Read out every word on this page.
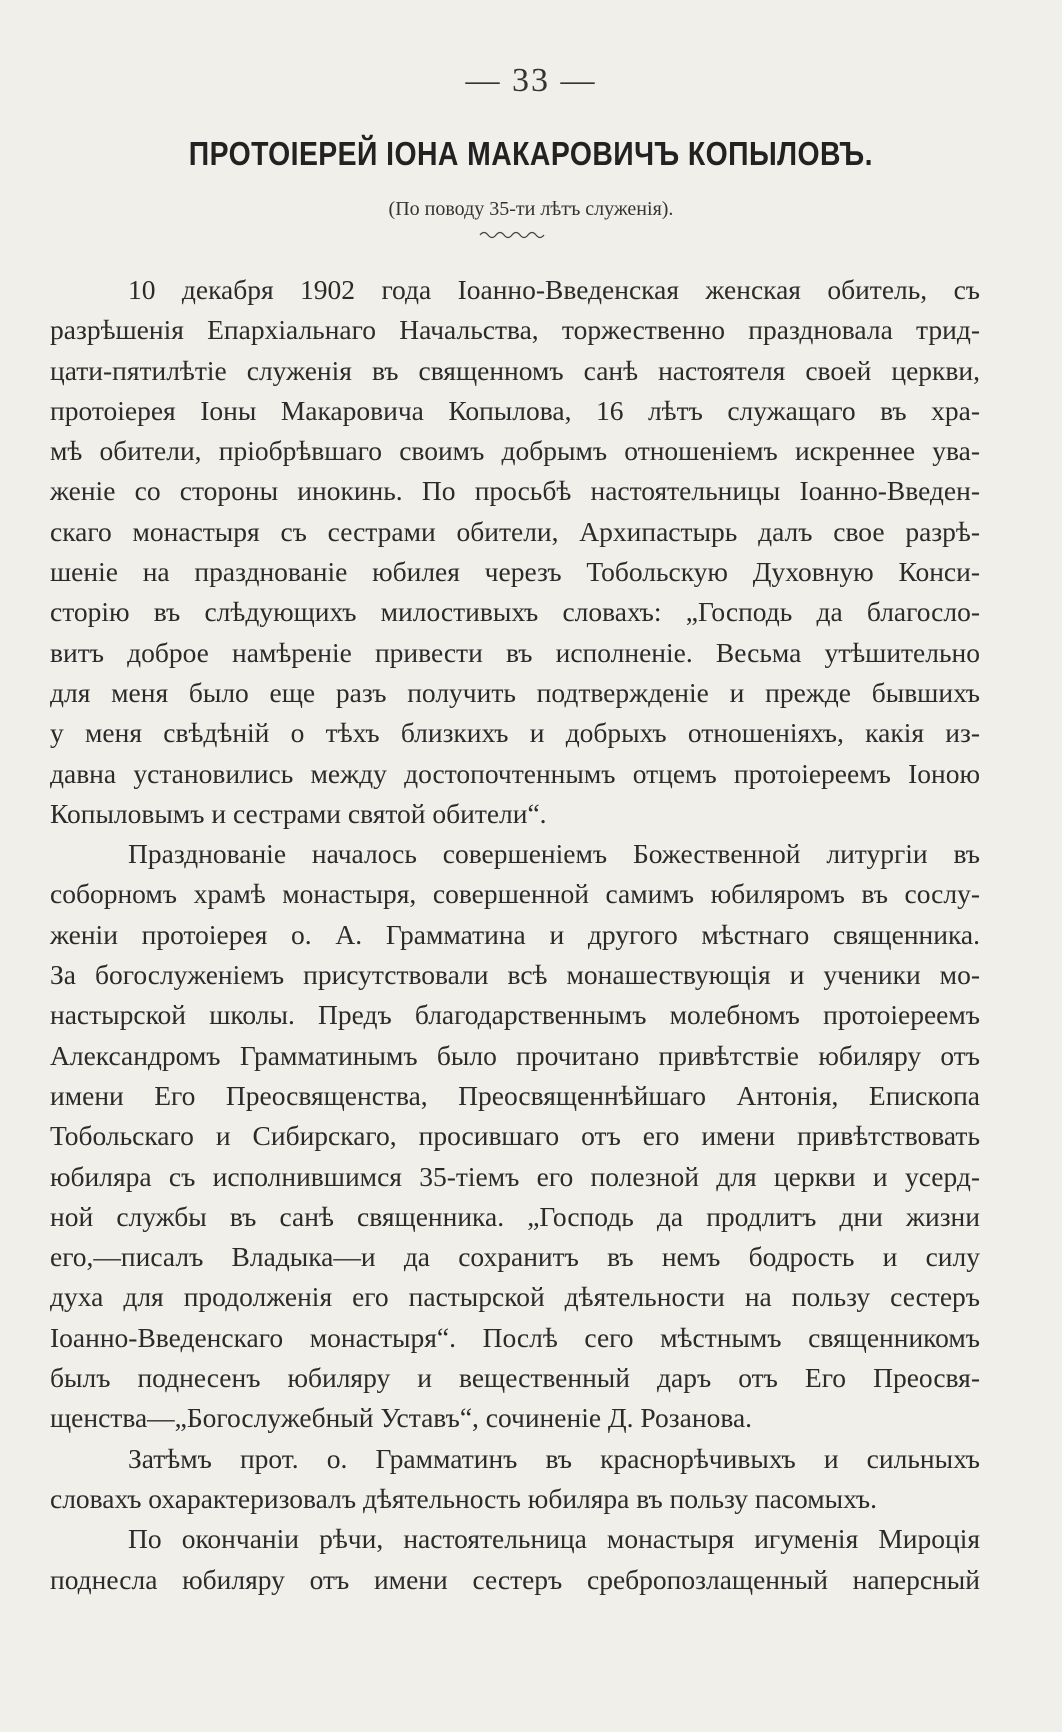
— 33 —
ПРОТОІЕРЕЙ ІОНА МАКАРОВИЧЪ КОПЫЛОВЪ.
(По поводу 35-ти лѣтъ служенія).
10 декабря 1902 года Іоанно-Введенская женская обитель, съ
разрѣшенія Епархіальнаго Начальства, торжественно праздновала трид-
цати-пятилѣтіе служенія въ священномъ санѣ настоятеля своей церкви,
протоіерея Іоны Макаровича Копылова, 16 лѣтъ служащаго въ хра-
мѣ обители, пріобрѣвшаго своимъ добрымъ отношеніемъ искреннее ува-
женіе со стороны инокинь. По просьбѣ настоятельницы Іоанно-Введен-
скаго монастыря съ сестрами обители, Архипастырь далъ свое разрѣ-
шеніе на празднованіе юбилея черезъ Тобольскую Духовную Конси-
сторію въ слѣдующихъ милостивыхъ словахъ: „Господь да благосло-
витъ доброе намѣреніе привести въ исполненіе. Весьма утѣшительно
для меня было еще разъ получить подтвержденіе и прежде бывшихъ
у меня свѣдѣній о тѣхъ близкихъ и добрыхъ отношеніяхъ, какія из-
давна установились между достопочтеннымъ отцемъ протоіереемъ Іоною
Копыловымъ и сестрами святой обители“.
Празднованіе началось совершеніемъ Божественной литургіи въ
соборномъ храмѣ монастыря, совершенной самимъ юбиляромъ въ сослу-
женіи протоіерея о. А. Грамматина и другого мѣстнаго священника.
За богослуженіемъ присутствовали всѣ монашествующія и ученики мо-
настырской школы. Предъ благодарственнымъ молебномъ протоіереемъ
Александромъ Грамматинымъ было прочитано привѣтствіе юбиляру отъ
имени Его Преосвященства, Преосвященнѣйшаго Антонія, Епископа
Тобольскаго и Сибирскаго, просившаго отъ его имени привѣтствовать
юбиляра съ исполнившимся 35-тіемъ его полезной для церкви и усерд-
ной службы въ санѣ священника. „Господь да продлитъ дни жизни
его,—писалъ Владыка—и да сохранитъ въ немъ бодрость и силу
духа для продолженія его пастырской дѣятельности на пользу сестеръ
Іоанно-Введенскаго монастыря“. Послѣ сего мѣстнымъ священникомъ
былъ поднесенъ юбиляру и вещественный даръ отъ Его Преосвя-
щенства—„Богослужебный Уставъ“, сочиненіе Д. Розанова.
Затѣмъ прот. о. Грамматинъ въ краснорѣчивыхъ и сильныхъ
словахъ охарактеризовалъ дѣятельность юбиляра въ пользу пасомыхъ.
По окончаніи рѣчи, настоятельница монастыря игуменія Мироція
поднесла юбиляру отъ имени сестеръ сребропозлащенный наперсный
